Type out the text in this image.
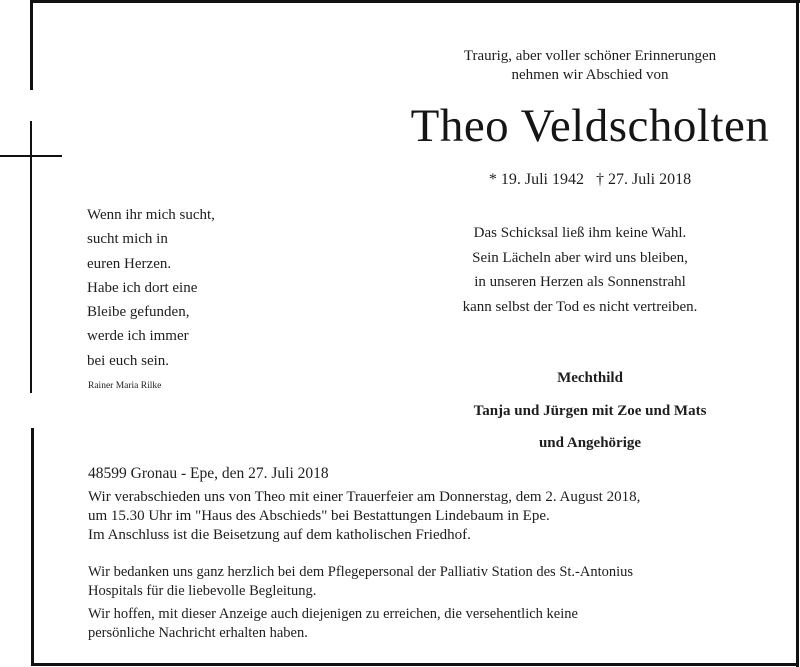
Traurig, aber voller schöner Erinnerungen
nehmen wir Abschied von
Theo Veldscholten
* 19. Juli 1942 † 27. Juli 2018
Wenn ihr mich sucht,
sucht mich in
euren Herzen.
Habe ich dort eine
Bleibe gefunden,
werde ich immer
bei euch sein.
Rainer Maria Rilke
Das Schicksal ließ ihm keine Wahl.
Sein Lächeln aber wird uns bleiben,
in unseren Herzen als Sonnenstrahl
kann selbst der Tod es nicht vertreiben.
Mechthild
Tanja und Jürgen mit Zoe und Mats
und Angehörige
48599 Gronau - Epe, den 27. Juli 2018
Wir verabschieden uns von Theo mit einer Trauerfeier am Donnerstag, dem 2. August 2018,
um 15.30 Uhr im "Haus des Abschieds" bei Bestattungen Lindebaum in Epe.
Im Anschluss ist die Beisetzung auf dem katholischen Friedhof.
Wir bedanken uns ganz herzlich bei dem Pflegepersonal der Palliativ Station des St.-Antonius
Hospitals für die liebevolle Begleitung.
Wir hoffen, mit dieser Anzeige auch diejenigen zu erreichen, die versehentlich keine
persönliche Nachricht erhalten haben.
